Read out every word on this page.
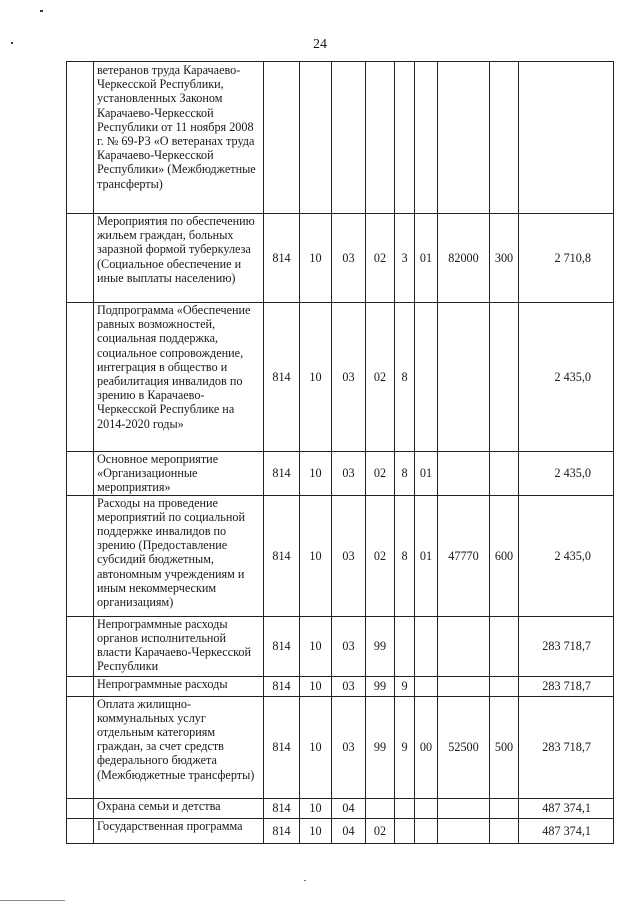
24
	ветеранов труда Карачаево-Черкесской Республики, установленных Законом Карачаево-Черкесской Республики от 11 ноября 2008 г. № 69-РЗ «О ветеранах труда Карачаево-Черкесской Республики» (Межбюджетные трансферты)									
	Мероприятия по обеспечению жильем граждан, больных заразной формой туберкулеза (Социальное обеспечение и иные выплаты населению)	814	10	03	02	3	01	82000	300	2 710,8
	Подпрограмма «Обеспечение равных возможностей, социальная поддержка, социальное сопровождение, интеграция в общество и реабилитация инвалидов по зрению в Карачаево-Черкесской Республике на 2014-2020 годы»	814	10	03	02	8				2 435,0
	Основное мероприятие «Организационные мероприятия»	814	10	03	02	8	01			2 435,0
	Расходы на проведение мероприятий по социальной поддержке инвалидов по зрению (Предоставление субсидий бюджетным, автономным учреждениям и иным некоммерческим организациям)	814	10	03	02	8	01	47770	600	2 435,0
	Непрограммные расходы органов исполнительной власти Карачаево-Черкесской Республики	814	10	03	99					283 718,7
	Непрограммные расходы	814	10	03	99	9				283 718,7
	Оплата жилищно-коммунальных услуг отдельным категориям граждан, за счет средств федерального бюджета (Межбюджетные трансферты)	814	10	03	99	9	00	52500	500	283 718,7
	Охрана семьи и детства	814	10	04						487 374,1
	Государственная программа	814	10	04	02					487 374,1
